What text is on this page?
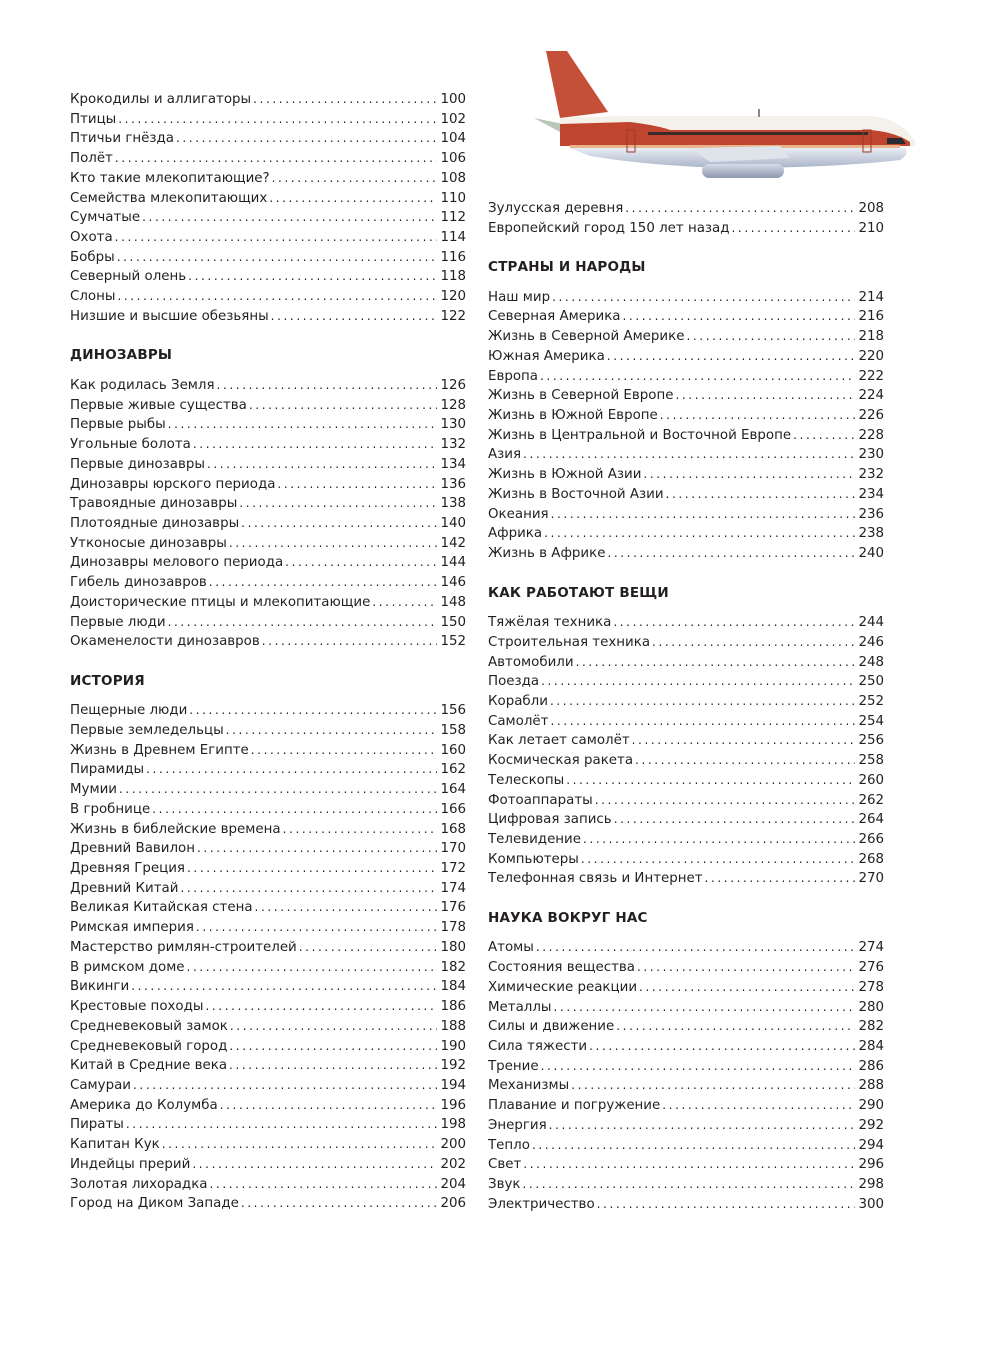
Крокодилы и аллигаторы .....	100
Птицы .....	102
Птичьи гнёзда .....	104
Полёт .....	106
Кто такие млекопитающие? .....	108
Семейства млекопитающих .....	110
Сумчатые .....	112
Охота .....	114
Бобры .....	116
Северный олень .....	118
Слоны .....	120
Низшие и высшие обезьяны .....	122
ДИНОЗАВРЫ
Как родилась Земля .....	126
Первые живые существа .....	128
Первые рыбы .....	130
Угольные болота .....	132
Первые динозавры .....	134
Динозавры юрского периода .....	136
Травоядные динозавры .....	138
Плотоядные динозавры .....	140
Утконосые динозавры .....	142
Динозавры мелового периода .....	144
Гибель динозавров .....	146
Доисторические птицы и млекопитающие .....	148
Первые люди .....	150
Окаменелости динозавров .....	152
ИСТОРИЯ
Пещерные люди .....	156
Первые земледельцы .....	158
Жизнь в Древнем Египте .....	160
Пирамиды .....	162
Мумии .....	164
В гробнице .....	166
Жизнь в библейские времена .....	168
Древний Вавилон .....	170
Древняя Греция .....	172
Древний Китай .....	174
Великая Китайская стена .....	176
Римская империя .....	178
Мастерство римлян-строителей .....	180
В римском доме .....	182
Викинги .....	184
Крестовые походы .....	186
Средневековый замок .....	188
Средневековый город .....	190
Китай в Средние века .....	192
Самураи .....	194
Америка до Колумба .....	196
Пираты .....	198
Капитан Кук .....	200
Индейцы прерий .....	202
Золотая лихорадка .....	204
Город на Диком Западе .....	206
Зулусская деревня .....	208
Европейский город 150 лет назад .....	210
СТРАНЫ И НАРОДЫ
Наш мир .....	214
Северная Америка .....	216
Жизнь в Северной Америке .....	218
Южная Америка .....	220
Европа .....	222
Жизнь в Северной Европе .....	224
Жизнь в Южной Европе .....	226
Жизнь в Центральной и Восточной Европе .....	228
Азия .....	230
Жизнь в Южной Азии .....	232
Жизнь в Восточной Азии .....	234
Океания .....	236
Африка .....	238
Жизнь в Африке .....	240
КАК РАБОТАЮТ ВЕЩИ
Тяжёлая техника .....	244
Строительная техника .....	246
Автомобили .....	248
Поезда .....	250
Корабли .....	252
Самолёт .....	254
Как летает самолёт .....	256
Космическая ракета .....	258
Телескопы .....	260
Фотоаппараты .....	262
Цифровая запись .....	264
Телевидение .....	266
Компьютеры .....	268
Телефонная связь и Интернет .....	270
НАУКА ВОКРУГ НАС
Атомы .....	274
Состояния вещества .....	276
Химические реакции .....	278
Металлы .....	280
Силы и движение .....	282
Сила тяжести .....	284
Трение .....	286
Механизмы .....	288
Плавание и погружение .....	290
Энергия .....	292
Тепло .....	294
Свет .....	296
Звук .....	298
Электричество .....	300
